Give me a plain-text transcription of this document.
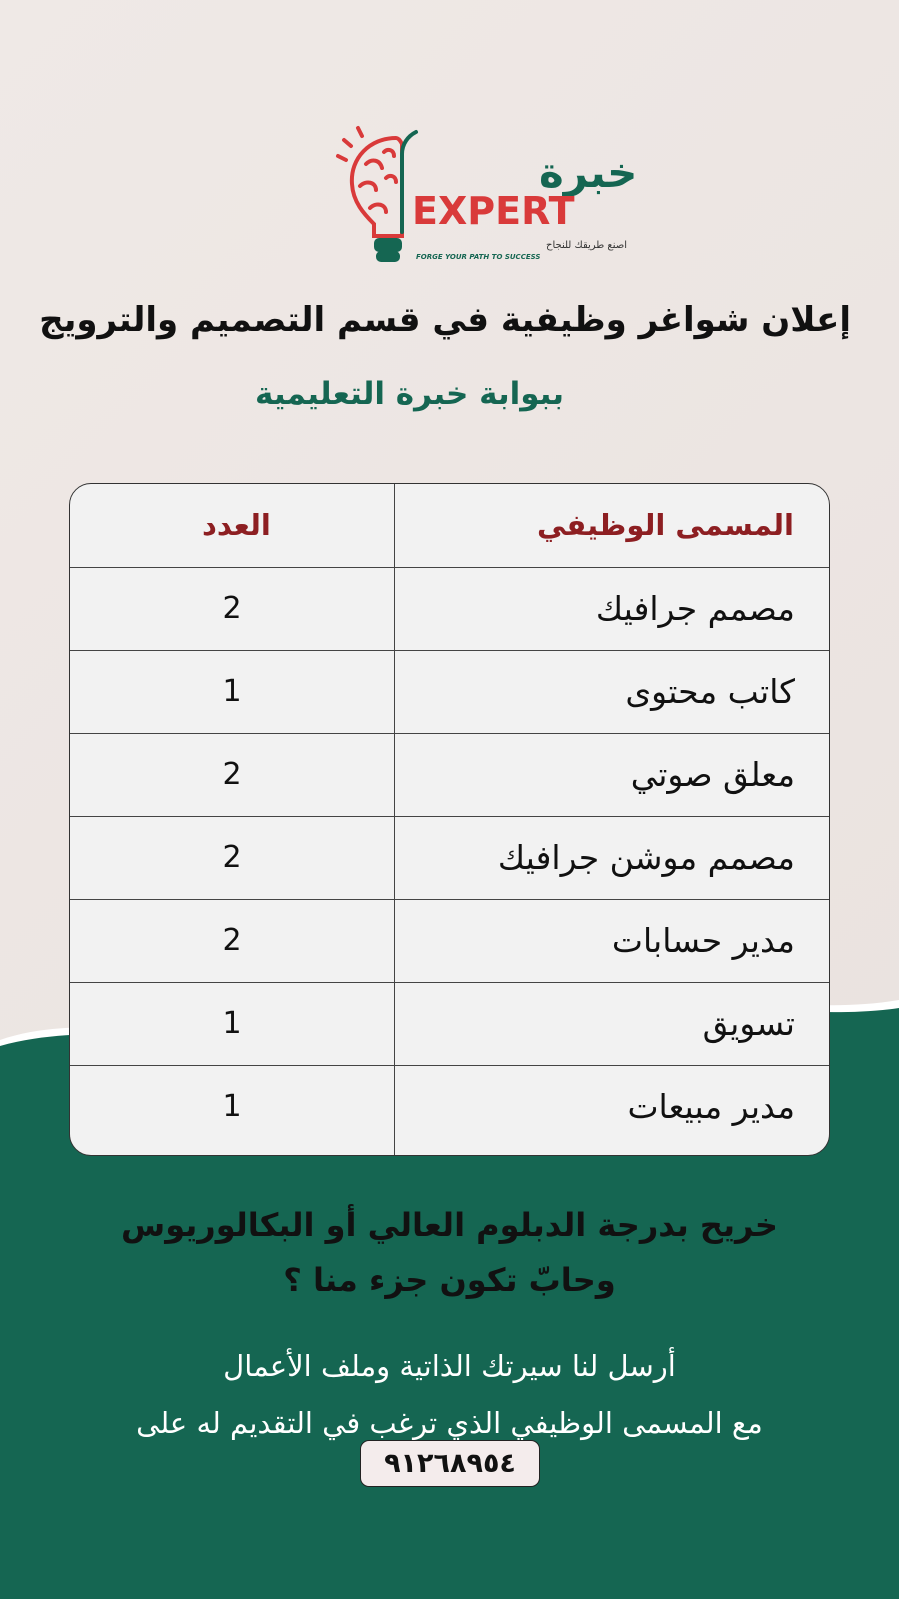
خبرة
EXPERT
اصنع طريقك للنجاح
FORGE YOUR PATH TO SUCCESS
إعلان شواغر وظيفية في قسم التصميم والترويج
ببوابة خبرة التعليمية
المسمى الوظيفي
العدد
مصمم جرافيك
2
كاتب محتوى
1
معلق صوتي
2
مصمم موشن جرافيك
2
مدير حسابات
2
تسويق
1
مدير مبيعات
1
خريح بدرجة الدبلوم العالي أو البكالوريوس
وحابّ تكون جزء منا ؟
أرسل لنا سيرتك الذاتية وملف الأعمال
مع المسمى الوظيفي الذي ترغب في التقديم له على
٩١٢٦٨٩٥٤
